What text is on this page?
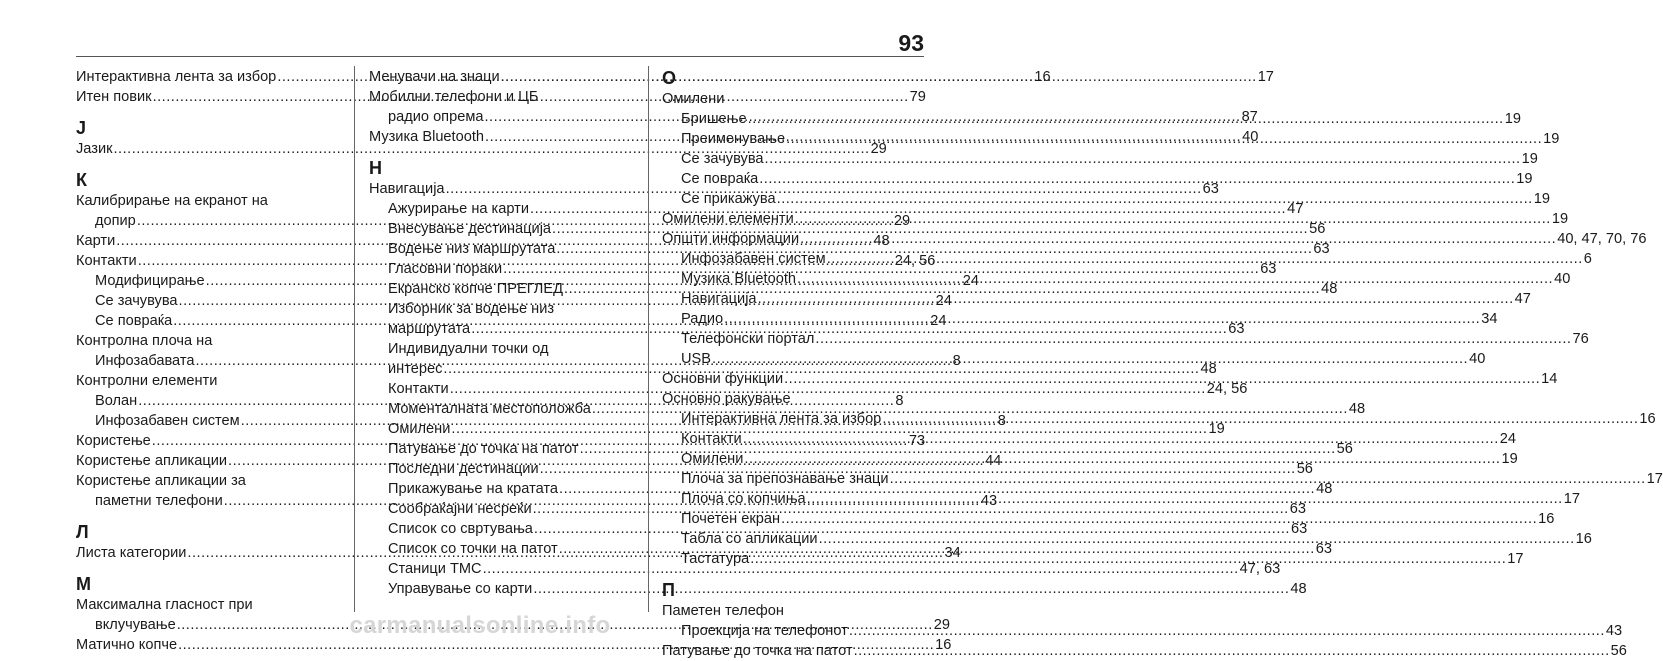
93
Интерактивна лента за избор .....	16
Итен повик .....	79
J
Јазик .....	29
К
Калибрирање на екранот на
допир .....	29
Карти .....	48
Контакти .....	24, 56
Модифицирање .....	24
Се зачувува .....	24
Се повраќа .....	24
Контролна плоча на
Инфозабавата .....	8
Контролни елементи
Волан .....	8
Инфозабавен систем .....	8
Користење .....	73
Користење апликации .....	44
Користење апликации за
паметни телефони .....	43
Л
Листа категории .....	34
М
Максимална гласност при
вклучување .....	29
Матично копче .....	16
Менувачи на знаци .....	17
Мобилни телефони и ЦБ
радио опрема .....	87
Музика Bluetooth .....	40
Н
Навигација .....	63
Ажурирање на карти .....	47
Внесување дестинација .....	56
Водење низ маршрутата .....	63
Гласовни пораки .....	63
Екранско копче ПРЕГЛЕД .....	48
Изборник за водење низ
маршрутата .....	63
Индивидуални точки од
интерес .....	48
Контакти .....	24, 56
Моменталната местоположба .....	48
Омилени .....	19
Патување до точка на патот .....	56
Последни дестинации .....	56
Прикажување на кратата .....	48
Сообраќајни несреќи .....	63
Список со свртувања .....	63
Список со точки на патот .....	63
Станици TMC .....	47, 63
Управување со карти .....	48
О
Омилени
Бришење .....	19
Преименување .....	19
Се зачувува .....	19
Се повраќа .....	19
Се прикажува .....	19
Омилени елементи .....	19
Општи информации .....	40, 47, 70, 76
Инфозабавен систем .....	6
Музика Bluetooth .....	40
Навигација .....	47
Радио .....	34
Телефонски портал .....	76
USB .....	40
Основни функции .....	14
Основно ракување
Интерактивна лента за избор .....	16
Контакти .....	24
Омилени .....	19
Плоча за препознавање знаци .....	17
Плоча со копчиња .....	17
Почетен екран .....	16
Табла со апликации .....	16
Тастатура .....	17
П
Паметен телефон
Проекција на телефонот .....	43
Патување до точка на патот .....	56
carmanualsonline.info
